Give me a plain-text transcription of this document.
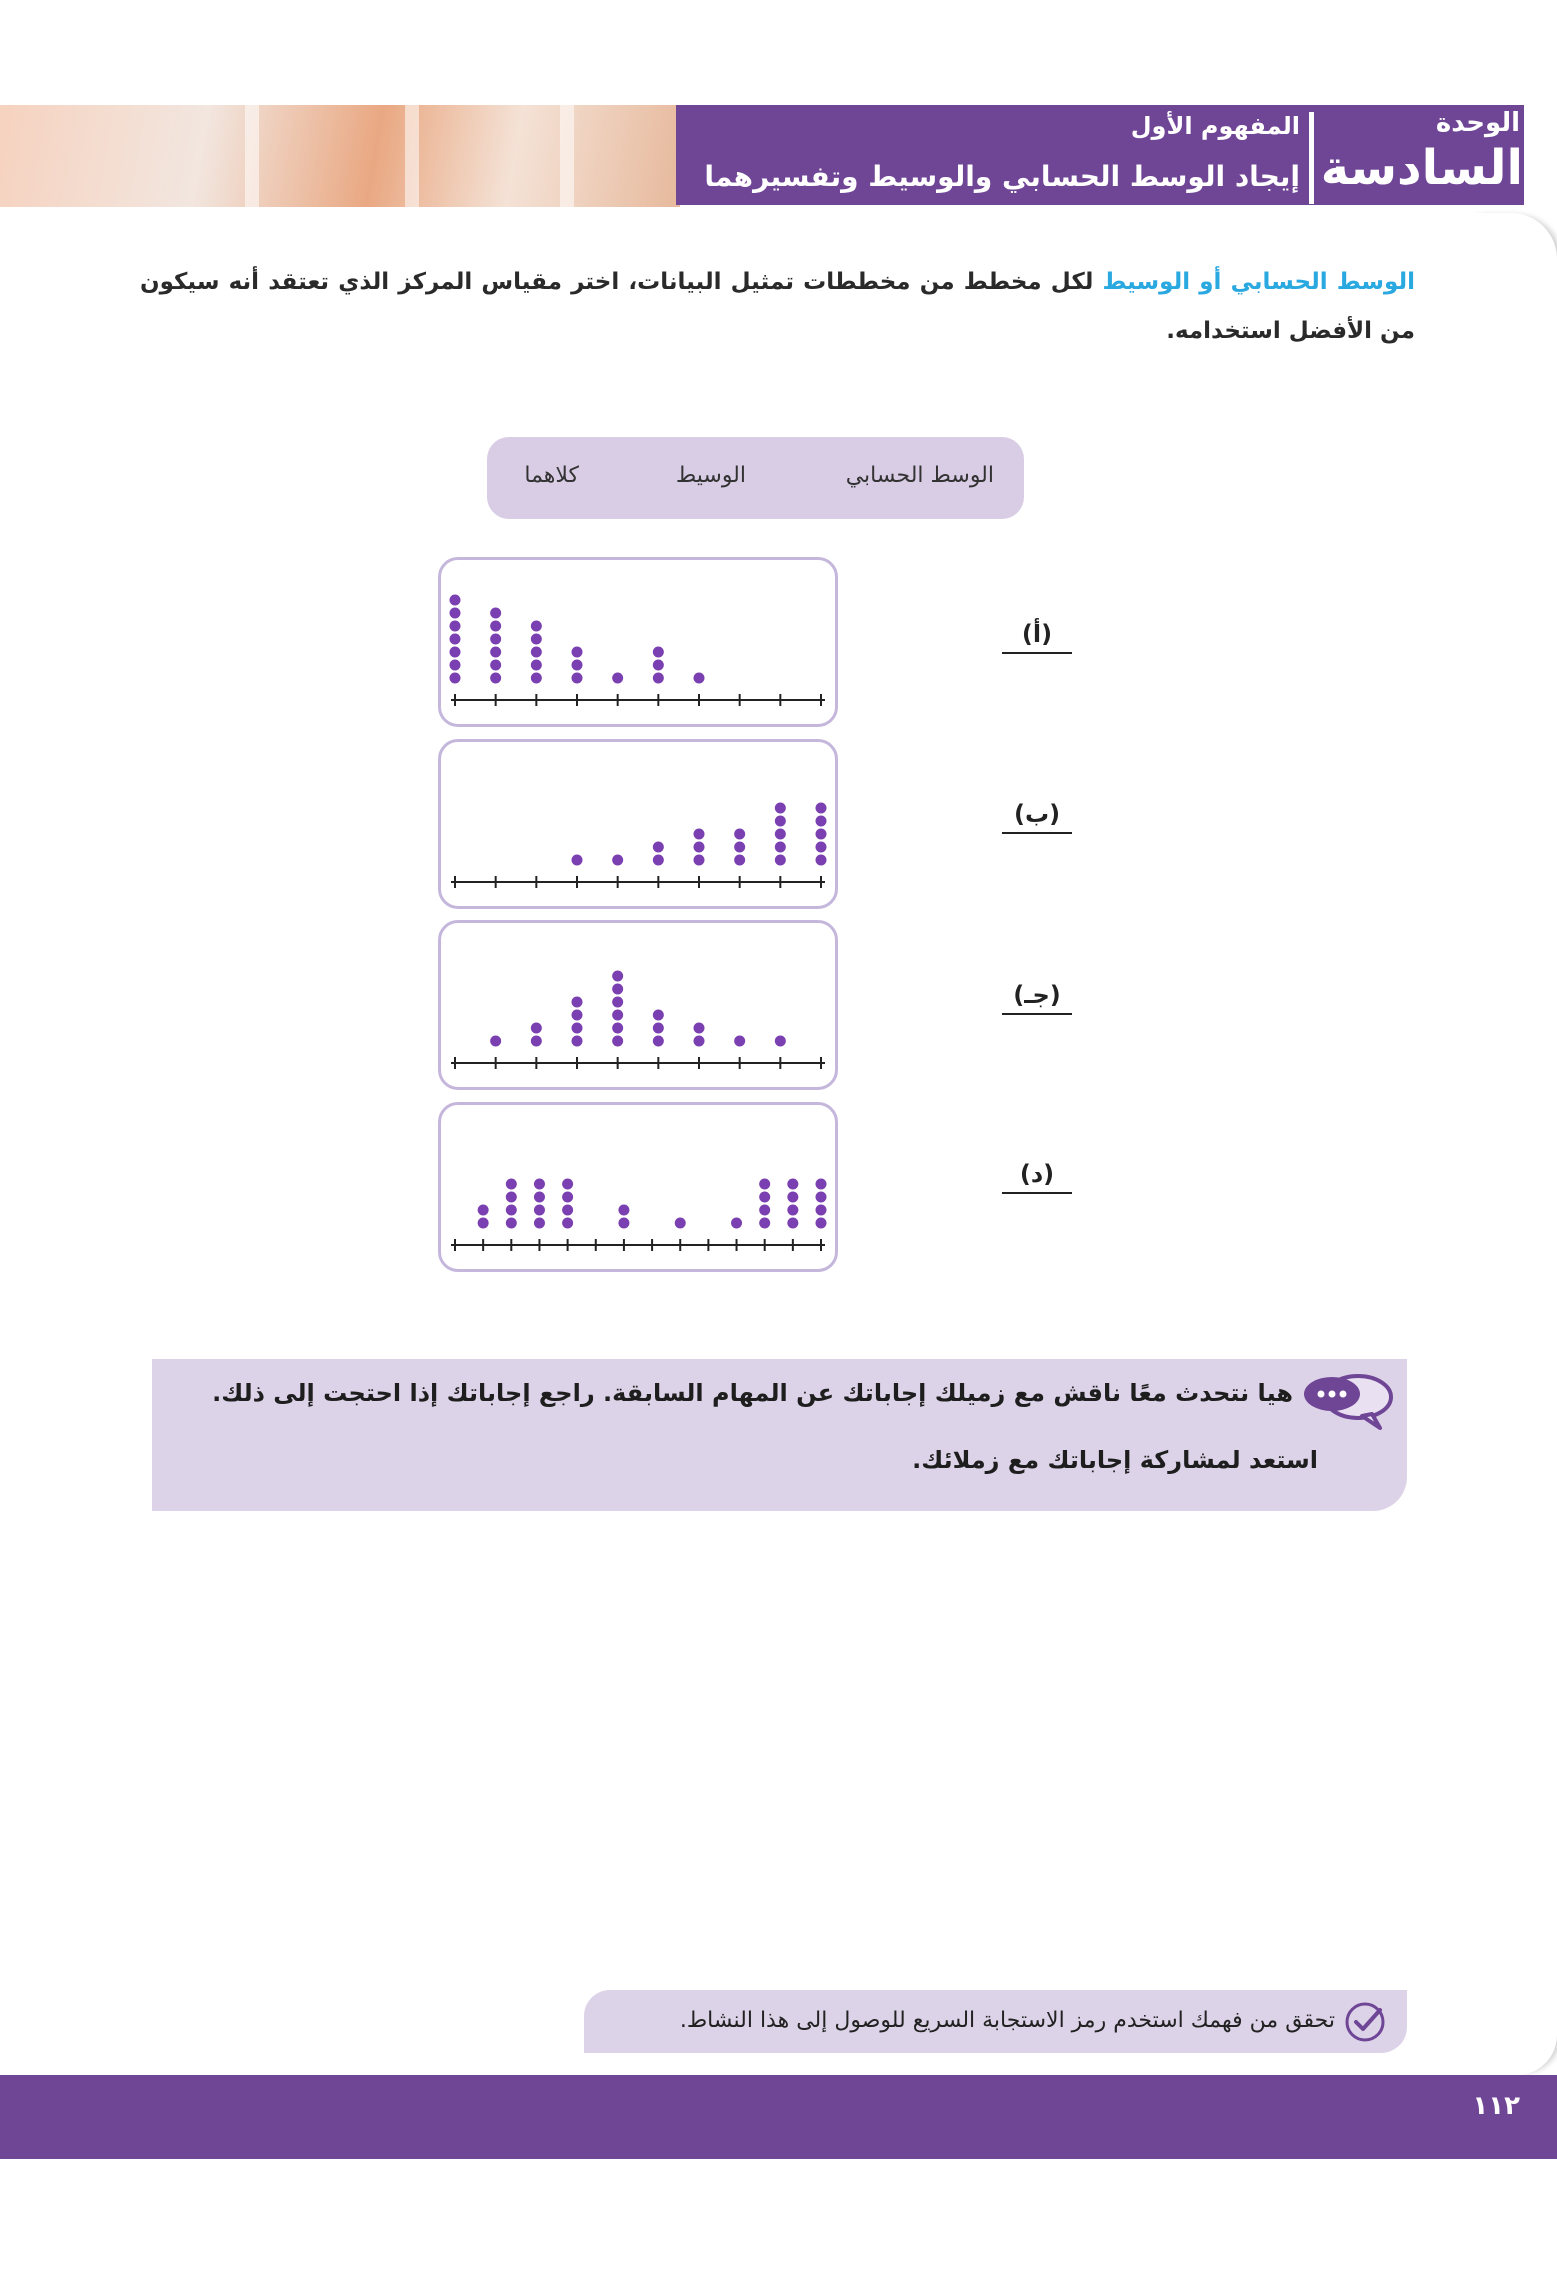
الوحدة
السادسة
المفهوم الأول
إيجاد الوسط الحسابي والوسيط وتفسيرهما
الوسط الحسابي أو الوسيط لكل مخطط من مخططات تمثيل البيانات، اختر مقياس المركز الذي تعتقد أنه سيكون من الأفضل استخدامه.
الوسط الحسابي
الوسيط
كلاهما
(أ)
(ب)
(جـ)
(د)
هيا نتحدث معًا ناقش مع زميلك إجاباتك عن المهام السابقة. راجع إجاباتك إذا احتجت إلى ذلك.
استعد لمشاركة إجاباتك مع زملائك.
تحقق من فهمك استخدم رمز الاستجابة السريع للوصول إلى هذا النشاط.
١١٢
